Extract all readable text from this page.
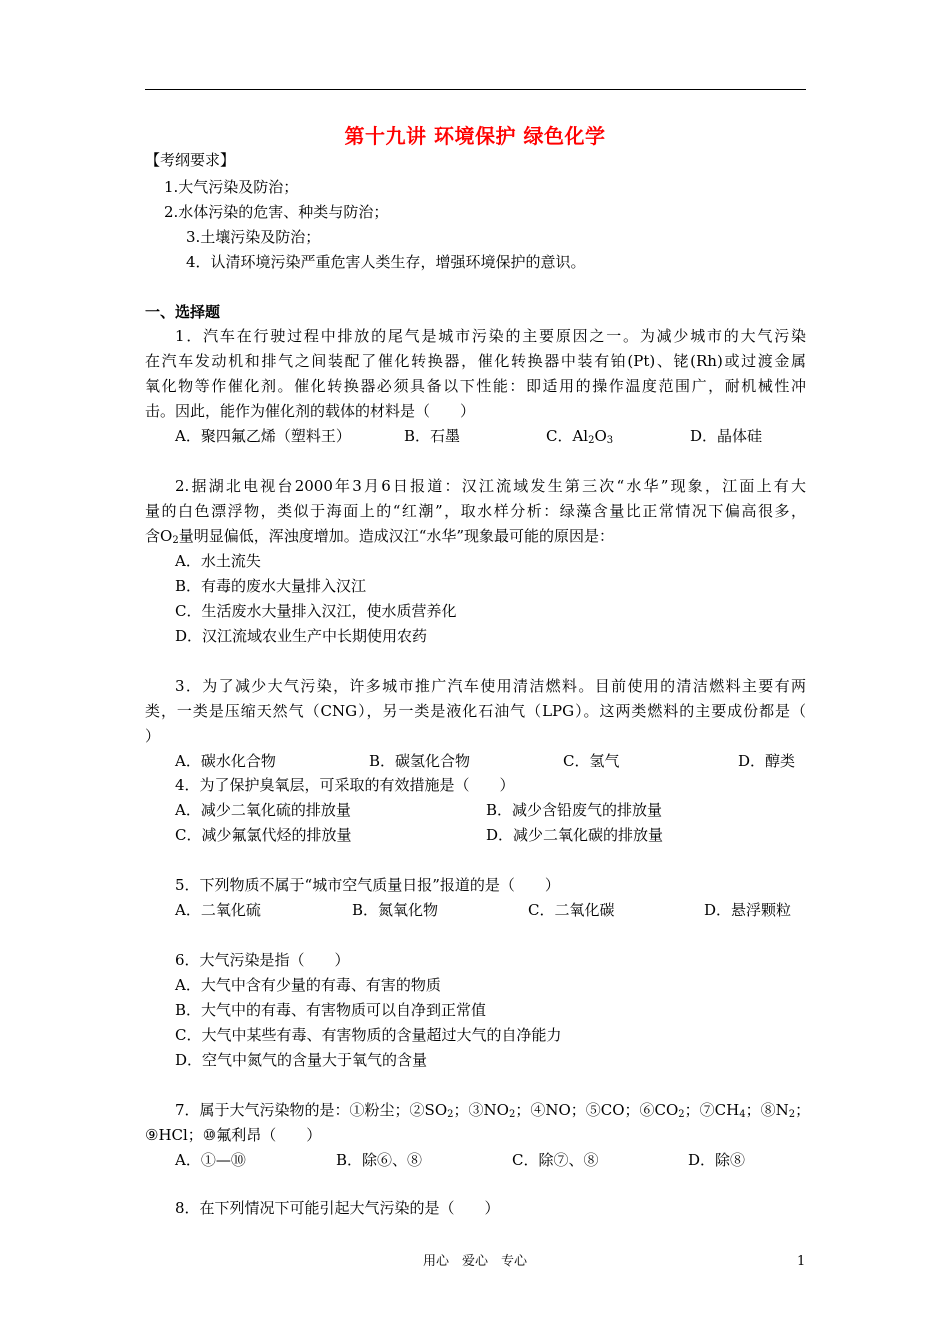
第十九讲 环境保护 绿色化学
【考纲要求】
1.大气污染及防治；
2.水体污染的危害、种类与防治；
3.土壤污染及防治；
4．认清环境污染严重危害人类生存，增强环境保护的意识。
一、选择题
1．汽车在行驶过程中排放的尾气是城市污染的主要原因之一。为减少城市的大气污染
在汽车发动机和排气之间装配了催化转换器，催化转换器中装有铂(Pt)、铑(Rh)或过渡金属
氧化物等作催化剂。催化转换器必须具备以下性能：即适用的操作温度范围广，耐机械性冲
击。因此，能作为催化剂的载体的材料是（　　）
A．聚四氟乙烯（塑料王）	B．石墨	C．$Al_2O_3$	D．晶体硅
2.据湖北电视台2000年3月6日报道：汉江流域发生第三次“水华”现象，江面上有大
量的白色漂浮物，类似于海面上的“红潮”，取水样分析：绿藻含量比正常情况下偏高很多，
含$O_2$量明显偏低，浑浊度增加。造成汉江“水华”现象最可能的原因是：
A．水土流失
B．有毒的废水大量排入汉江
C．生活废水大量排入汉江，使水质营养化
D．汉江流域农业生产中长期使用农药
3．为了减少大气污染，许多城市推广汽车使用清洁燃料。目前使用的清洁燃料主要有两
类，一类是压缩天然气（CNG），另一类是液化石油气（LPG）。这两类燃料的主要成份都是（
）
A．碳水化合物	B．碳氢化合物	C．氢气	D．醇类
4．为了保护臭氧层，可采取的有效措施是（　　）
A．减少二氧化硫的排放量	B．减少含铅废气的排放量
C．减少氟氯代烃的排放量	D．减少二氧化碳的排放量
5．下列物质不属于“城市空气质量日报”报道的是（　　）
A．二氧化硫	B．氮氧化物	C．二氧化碳	D．悬浮颗粒
6．大气污染是指（　　）
A．大气中含有少量的有毒、有害的物质
B．大气中的有毒、有害物质可以自净到正常值
C．大气中某些有毒、有害物质的含量超过大气的自净能力
D．空气中氮气的含量大于氧气的含量
7．属于大气污染物的是：①粉尘；$②SO_2$；$③NO_2$；④NO；⑤CO；$⑥CO_2$；$⑦CH_4$；$⑧N_2$；
⑨HCl；⑩氟利昂（　　）
A．①—⑩	B．除⑥、⑧	C．除⑦、⑧	D．除⑧
8．在下列情况下可能引起大气污染的是（　　）
用心　爱心　专心	1
